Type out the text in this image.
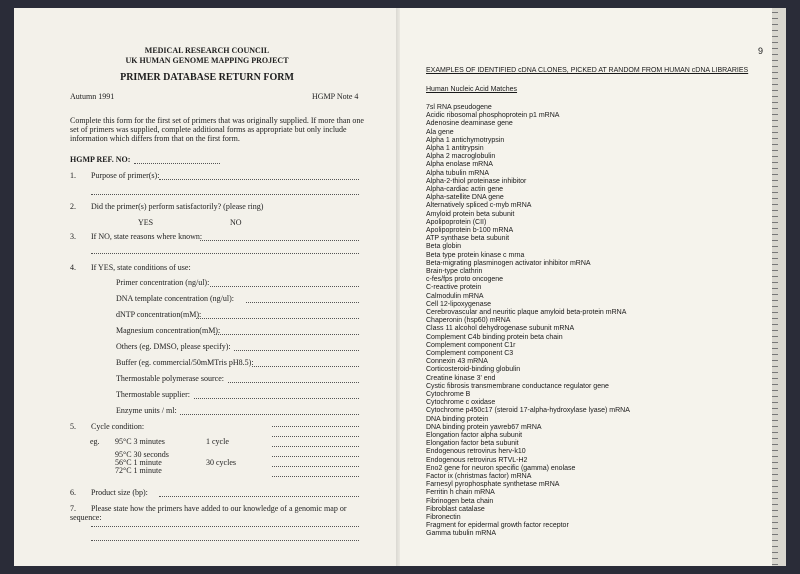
MEDICAL RESEARCH COUNCIL
UK HUMAN GENOME MAPPING PROJECT
PRIMER DATABASE RETURN FORM
Autumn 1991	HGMP Note 4
Complete this form for the first set of primers that was originally supplied. If more than one
set of primers was supplied, complete additional forms as appropriate but only include
information which differs from that on the first form.
HGMP REF. NO:
1. Purpose of primer(s):
2. Did the primer(s) perform satisfactorily? (please ring)
YES	NO
3. If NO, state reasons where known:
4. If YES, state conditions of use:
Primer concentration (ng/ul):
DNA template concentration (ng/ul):
dNTP concentration(mM):
Magnesium concentration(mM):
Others (eg. DMSO, please specify):
Buffer (eg. commercial/50mMTris pH8.5):
Thermostable polymerase source:
Thermostable supplier:
Enzyme units / ml:
5. Cycle condition:
eg. 95°C 3 minutes	1 cycle
95°C 30 seconds
56°C 1 minute	30 cycles
72°C 1 minute
6. Product size (bp):
7. Please state how the primers have added to our knowledge of a genomic map or
sequence:
9
EXAMPLES OF IDENTIFIED cDNA CLONES, PICKED AT RANDOM FROM HUMAN cDNA LIBRARIES
Human Nucleic Acid Matches
7sl RNA pseudogene
Acidic ribosomal phosphoprotein p1 mRNA
Adenosine deaminase gene
Ala gene
Alpha 1 antichymotrypsin
Alpha 1 antitrypsin
Alpha 2 macroglobulin
Alpha enolase mRNA
Alpha tubulin mRNA
Alpha-2-thiol proteinase inhibitor
Alpha-cardiac actin gene
Alpha-satellite DNA gene
Alternatively spliced c-myb mRNA
Amyloid protein beta subunit
Apolipoprotein (CII)
Apolipoprotein b-100 mRNA
ATP synthase beta subunit
Beta globin
Beta type protein kinase c mrna
Beta-migrating plasminogen activator inhibitor mRNA
Brain-type clathrin
c-fes/fps proto oncogene
C-reactive protein
Calmodulin mRNA
Cell 12-lipoxygenase
Cerebrovascular and neuritic plaque amyloid beta-protein mRNA
Chaperonin (hsp60) mRNA
Class 11 alcohol dehydrogenase subunit mRNA
Complement C4b binding protein beta chain
Complement component C1r
Complement component C3
Connexin 43 mRNA
Corticosteroid-binding globulin
Creatine kinase 3' end
Cystic fibrosis transmembrane conductance regulator gene
Cytochrome B
Cytochrome c oxidase
Cytochrome p450c17 (steroid 17-alpha-hydroxylase lyase) mRNA
DNA binding protein
DNA binding protein yavreb67 mRNA
Elongation factor alpha subunit
Elongation factor beta subunit
Endogenous retrovirus herv-k10
Endogenous retrovirus RTVL-H2
Eno2 gene for neuron specific (gamma) enolase
Factor ix (christmas factor) mRNA
Farnesyl pyrophosphate synthetase mRNA
Ferritin h chain mRNA
Fibrinogen beta chain
Fibroblast catalase
Fibronectin
Fragment for epidermal growth factor receptor
Gamma tubulin mRNA
